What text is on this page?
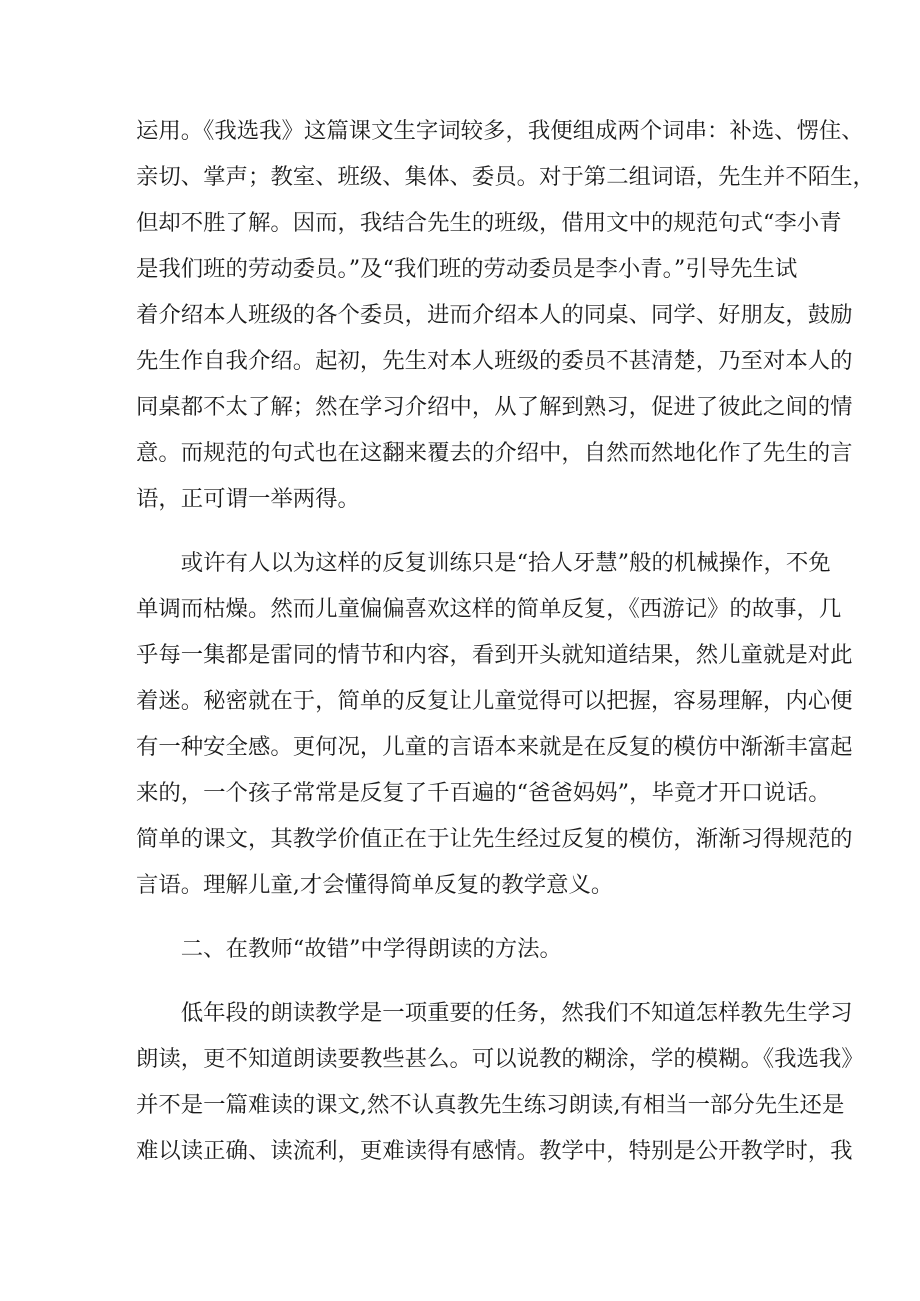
运用。《我选我》这篇课文生字词较多，我便组成两个词串：补选、愣住、
亲切、掌声；教室、班级、集体、委员。对于第二组词语，先生并不陌生，
但却不胜了解。因而，我结合先生的班级，借用文中的规范句式“李小青
是我们班的劳动委员。”及“我们班的劳动委员是李小青。”引导先生试
着介绍本人班级的各个委员，进而介绍本人的同桌、同学、好朋友，鼓励
先生作自我介绍。起初，先生对本人班级的委员不甚清楚，乃至对本人的
同桌都不太了解；然在学习介绍中，从了解到熟习，促进了彼此之间的情
意。而规范的句式也在这翻来覆去的介绍中，自然而然地化作了先生的言
语，正可谓一举两得。
或许有人以为这样的反复训练只是“拾人牙慧”般的机械操作，不免
单调而枯燥。然而儿童偏偏喜欢这样的简单反复，《西游记》的故事，几
乎每一集都是雷同的情节和内容，看到开头就知道结果，然儿童就是对此
着迷。秘密就在于，简单的反复让儿童觉得可以把握，容易理解，内心便
有一种安全感。更何况，儿童的言语本来就是在反复的模仿中渐渐丰富起
来的，一个孩子常常是反复了千百遍的“爸爸妈妈”，毕竟才开口说话。
简单的课文，其教学价值正在于让先生经过反复的模仿，渐渐习得规范的
言语。理解儿童,才会懂得简单反复的教学意义。
二、在教师“故错”中学得朗读的方法。
低年段的朗读教学是一项重要的任务，然我们不知道怎样教先生学习
朗读，更不知道朗读要教些甚么。可以说教的糊涂，学的模糊。《我选我》
并不是一篇难读的课文,然不认真教先生练习朗读,有相当一部分先生还是
难以读正确、读流利，更难读得有感情。教学中，特别是公开教学时，我
